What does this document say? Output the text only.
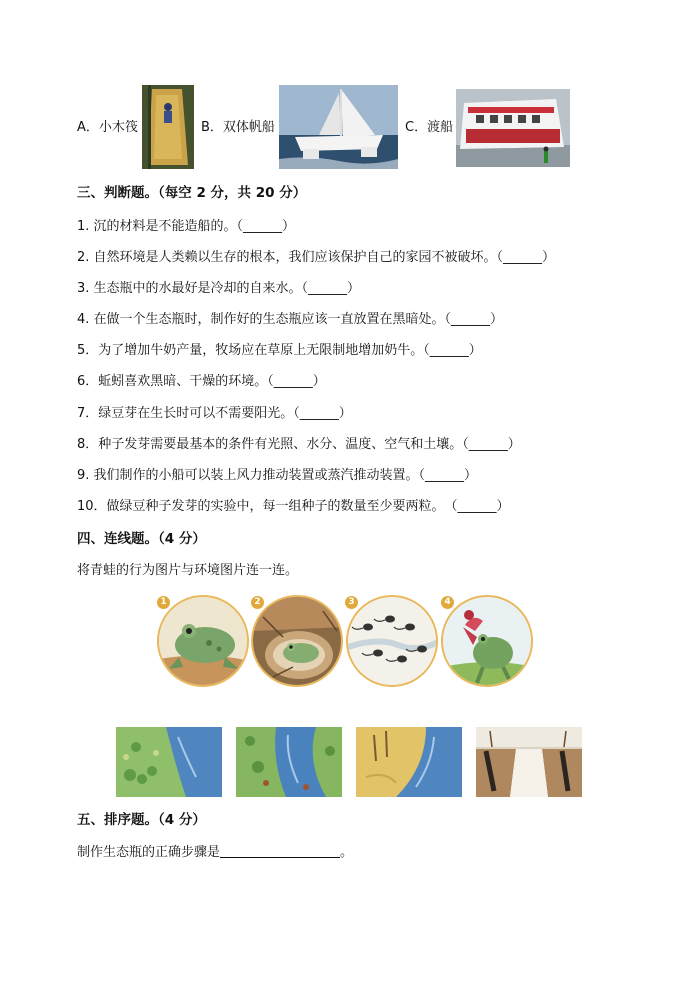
A．小木筏	B．双体帆船	C．渡船
三、判断题。（每空 2 分，共 20 分）
1. 沉的材料是不能造船的。（______）
2. 自然环境是人类赖以生存的根本，我们应该保护自己的家园不被破坏。（______）
3. 生态瓶中的水最好是冷却的自来水。（______）
4. 在做一个生态瓶时，制作好的生态瓶应该一直放置在黑暗处。（______）
5．为了增加牛奶产量，牧场应在草原上无限制地增加奶牛。（______）
6．蚯蚓喜欢黑暗、干燥的环境。（______）
7．绿豆芽在生长时可以不需要阳光。（______）
8．种子发芽需要最基本的条件有光照、水分、温度、空气和土壤。（______）
9. 我们制作的小船可以装上风力推动装置或蒸汽推动装置。（______）
10．做绿豆种子发芽的实验中，每一组种子的数量至少要两粒。　（______）
四、连线题。（4 分）
将青蛙的行为图片与环境图片连一连。
1	2	3	4
五、排序题。（4 分）
制作生态瓶的正确步骤是	。
